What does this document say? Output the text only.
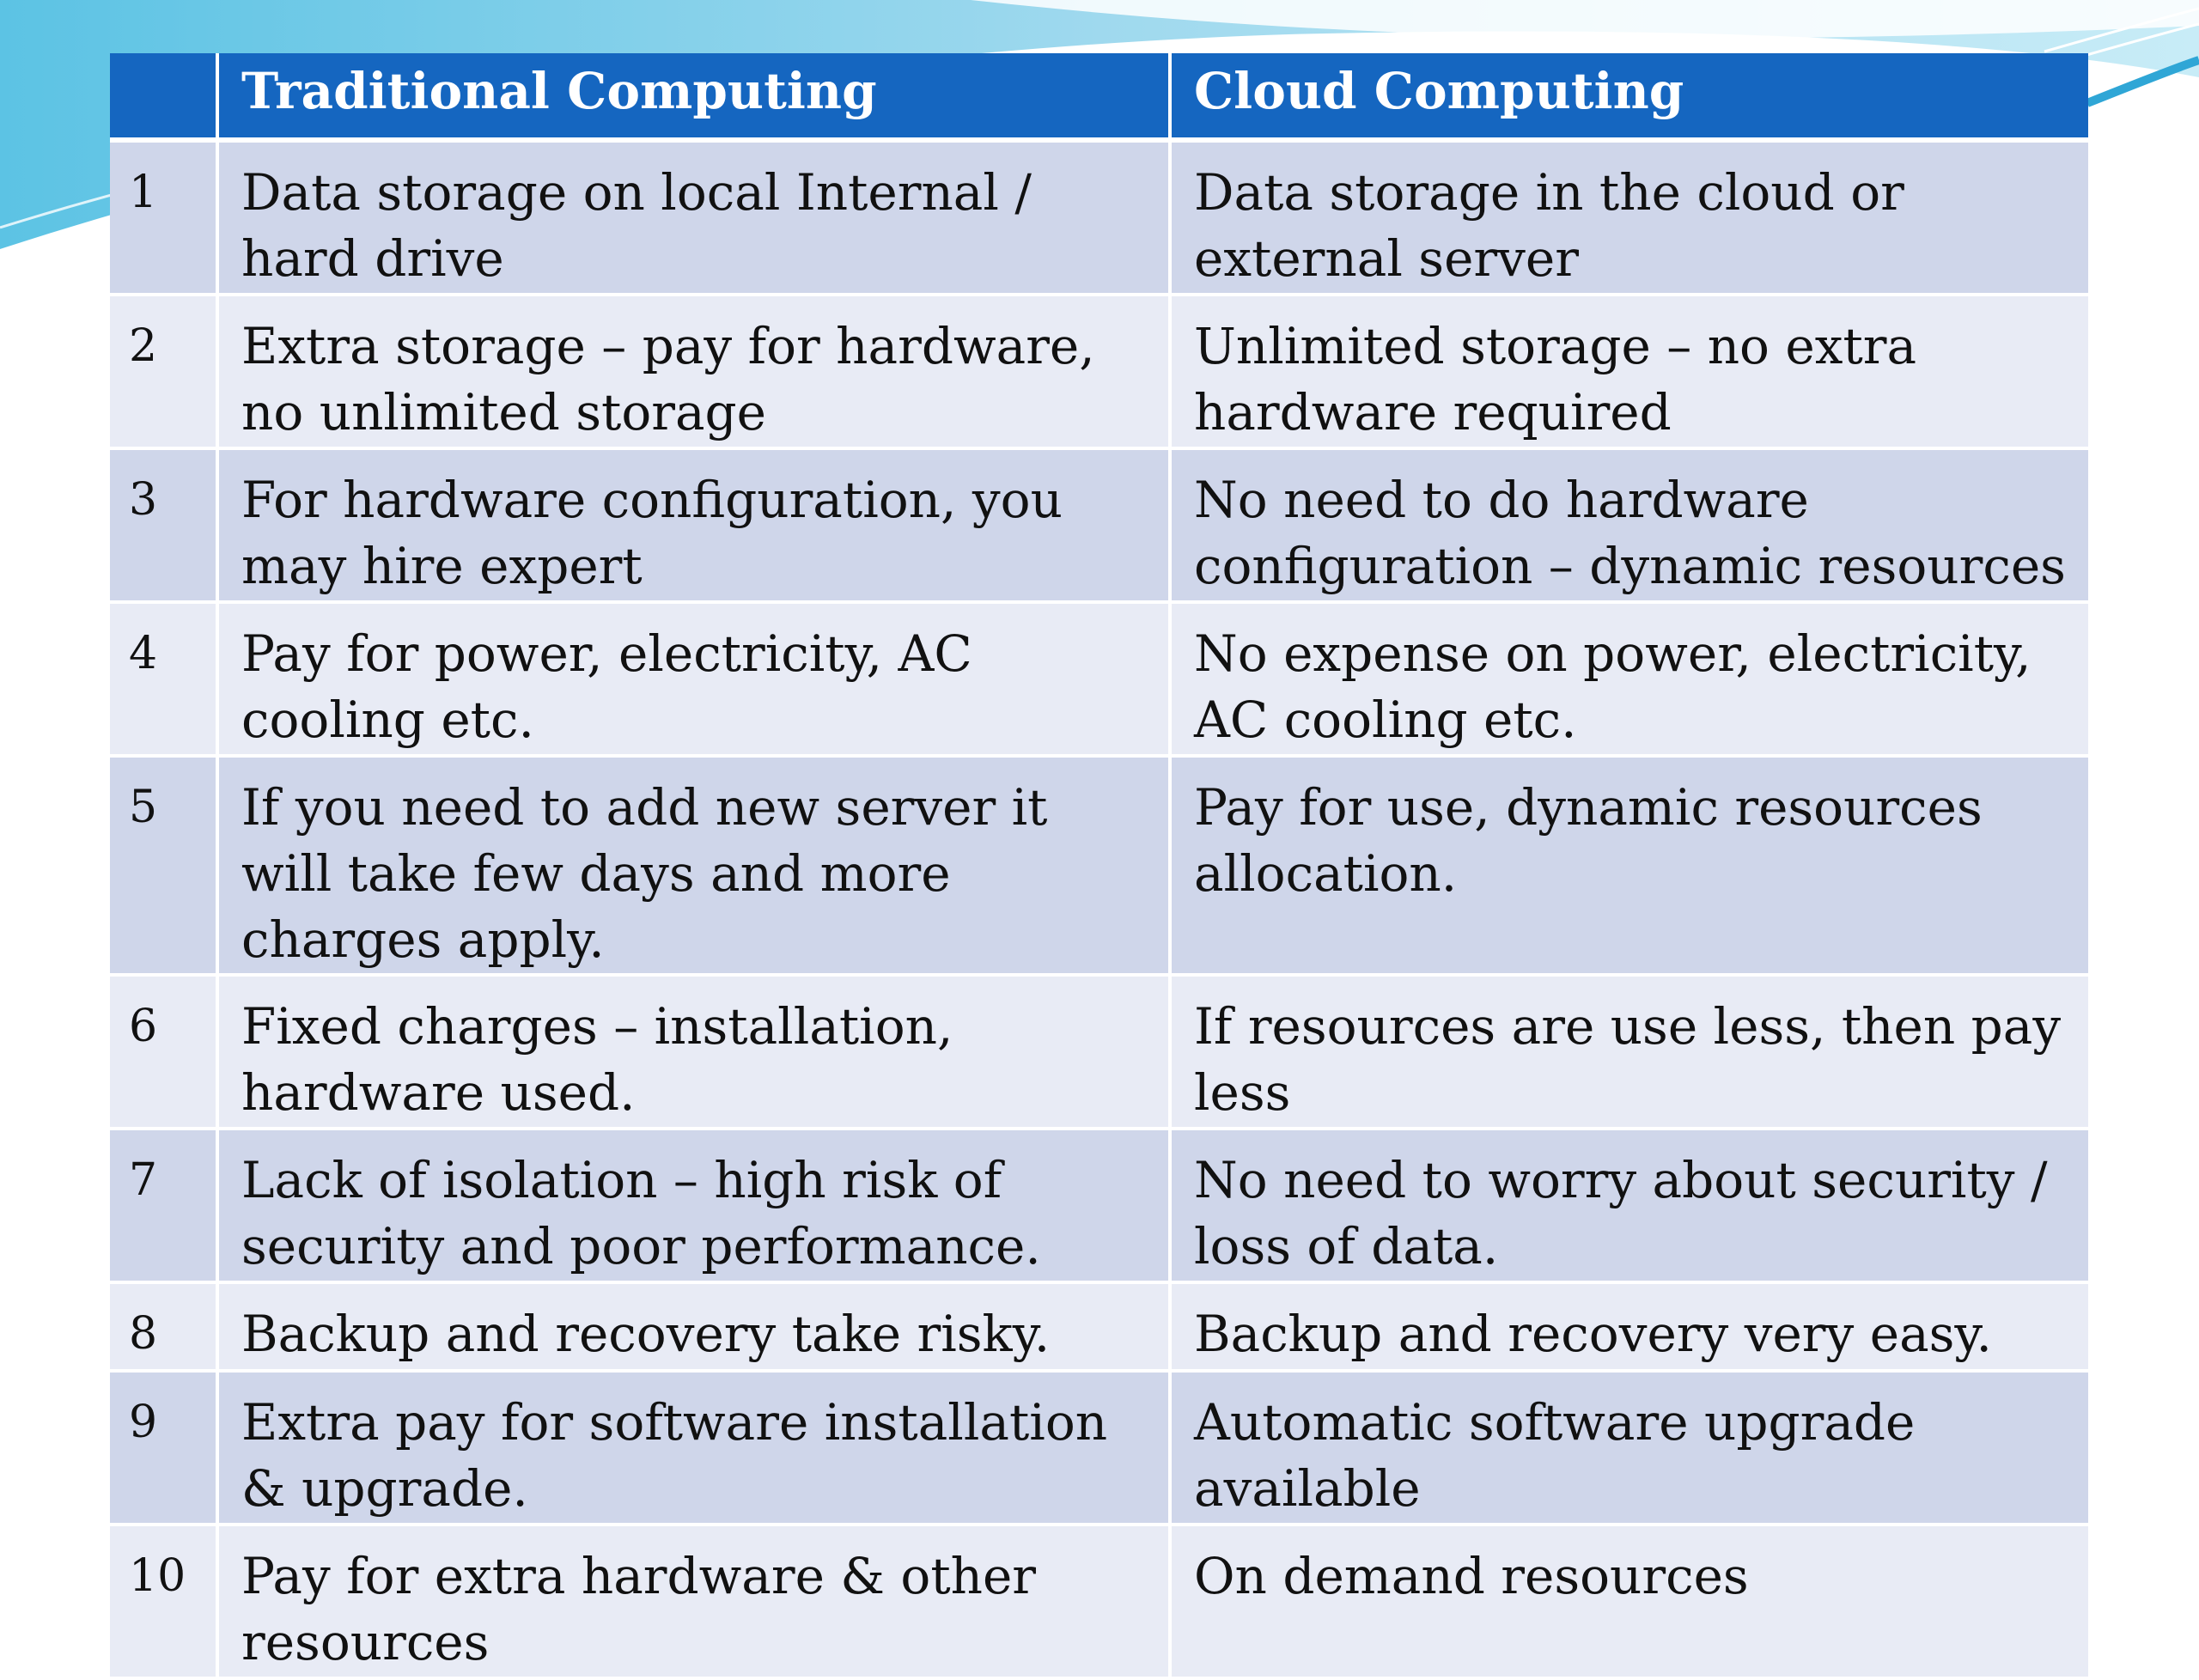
	Traditional Computing	Cloud Computing
1	Data storage on local Internal / hard drive	Data storage in the cloud or external server
2	Extra storage – pay for hardware, no unlimited storage	Unlimited storage – no extra hardware required
3	For hardware configuration, you may hire expert	No need to do hardware configuration – dynamic resources
4	Pay for power, electricity, AC cooling etc.	No expense on power, electricity, AC cooling etc.
5	If you need to add new server it will take few days and more charges apply.	Pay for use, dynamic resources allocation.
6	Fixed charges – installation, hardware used.	If resources are use less, then pay less
7	Lack of isolation – high risk of security and poor performance.	No need to worry about security / loss of data.
8	Backup and recovery take risky.	Backup and recovery very easy.
9	Extra pay for software installation & upgrade.	Automatic software upgrade available
10	Pay for extra hardware & other resources	On demand resources
